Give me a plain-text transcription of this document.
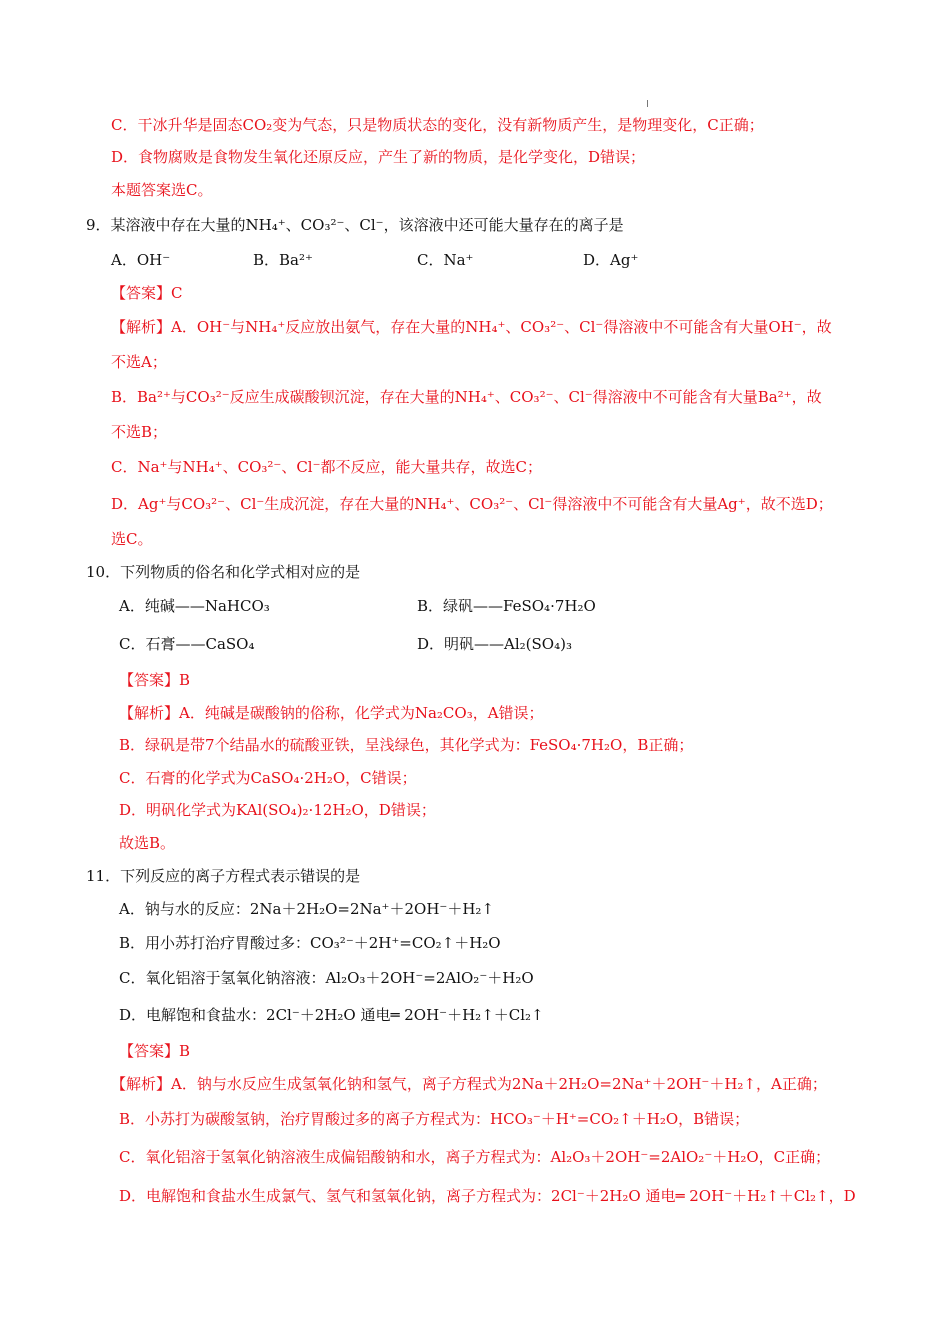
C．干冰升华是固态CO₂变为气态，只是物质状态的变化，没有新物质产生，是物理变化，C正确；
D．食物腐败是食物发生氧化还原反应，产生了新的物质，是化学变化，D错误；
本题答案选C。
9．某溶液中存在大量的NH₄⁺、CO₃²⁻、Cl⁻，该溶液中还可能大量存在的离子是
A．OH⁻	B．Ba²⁺	C．Na⁺	D．Ag⁺
【答案】C
【解析】A．OH⁻与NH₄⁺反应放出氨气，存在大量的NH₄⁺、CO₃²⁻、Cl⁻得溶液中不可能含有大量OH⁻，故
不选A；
B．Ba²⁺与CO₃²⁻反应生成碳酸钡沉淀，存在大量的NH₄⁺、CO₃²⁻、Cl⁻得溶液中不可能含有大量Ba²⁺，故
不选B；
C．Na⁺与NH₄⁺、CO₃²⁻、Cl⁻都不反应，能大量共存，故选C；
D．Ag⁺与CO₃²⁻、Cl⁻生成沉淀，存在大量的NH₄⁺、CO₃²⁻、Cl⁻得溶液中不可能含有大量Ag⁺，故不选D；
选C。
10．下列物质的俗名和化学式相对应的是
A．纯碱——NaHCO₃	B．绿矾——FeSO₄·7H₂O
C．石膏——CaSO₄	D．明矾——Al₂(SO₄)₃
【答案】B
【解析】A．纯碱是碳酸钠的俗称，化学式为Na₂CO₃，A错误；
B．绿矾是带7个结晶水的硫酸亚铁，呈浅绿色，其化学式为：FeSO₄·7H₂O，B正确；
C．石膏的化学式为CaSO₄·2H₂O，C错误；
D．明矾化学式为KAl(SO₄)₂·12H₂O，D错误；
故选B。
11．下列反应的离子方程式表示错误的是
A．钠与水的反应：2Na＋2H₂O=2Na⁺＋2OH⁻＋H₂↑
B．用小苏打治疗胃酸过多：CO₃²⁻＋2H⁺=CO₂↑＋H₂O
C．氧化铝溶于氢氧化钠溶液：Al₂O₃＋2OH⁻=2AlO₂⁻＋H₂O
D．电解饱和食盐水：2Cl⁻＋2H₂O 通电═ 2OH⁻＋H₂↑＋Cl₂↑
【答案】B
【解析】A．钠与水反应生成氢氧化钠和氢气，离子方程式为2Na＋2H₂O=2Na⁺＋2OH⁻＋H₂↑，A正确；
B．小苏打为碳酸氢钠，治疗胃酸过多的离子方程式为：HCO₃⁻＋H⁺=CO₂↑＋H₂O，B错误；
C．氧化铝溶于氢氧化钠溶液生成偏铝酸钠和水，离子方程式为：Al₂O₃＋2OH⁻=2AlO₂⁻＋H₂O，C正确；
D．电解饱和食盐水生成氯气、氢气和氢氧化钠，离子方程式为：2Cl⁻＋2H₂O 通电═ 2OH⁻＋H₂↑＋Cl₂↑，D
